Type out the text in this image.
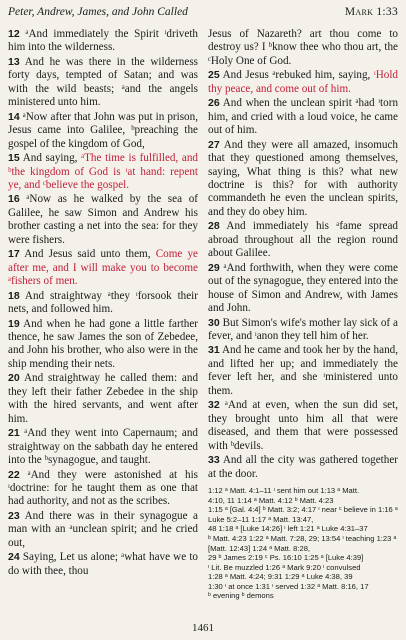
Peter, Andrew, James, and John Called	Mark 1:33

12 ᵃAnd immediately the Spirit ᶦdriveth him into the wilderness.

13 And he was there in the wilderness forty days, tempted of Satan; and was with the wild beasts; ᵃand the angels ministered unto him.

14 ᵃNow after that John was put in prison, Jesus came into Galilee, ᵇpreaching the gospel of the kingdom of God,

15 And saying, ᵃThe time is fulfilled, and ᵇthe kingdom of God is ᶦat hand: repent ye, and ᶜbelieve the gospel.

16 ᵃNow as he walked by the sea of Galilee, he saw Simon and Andrew his brother casting a net into the sea: for they were fishers.

17 And Jesus said unto them, Come ye after me, and I will make you to become ᵃfishers of men.

18 And straightway ᵃthey ᶦforsook their nets, and followed him.

19 And when he had gone a little farther thence, he saw James the son of Zebedee, and John his brother, who also were in the ship mending their nets.

20 And straightway he called them: and they left their father Zebedee in the ship with the hired servants, and went after him.

21 ᵃAnd they went into Capernaum; and straightway on the sabbath day he entered into the ᵇsynagogue, and taught.

22 ᵃAnd they were astonished at his ᶦdoctrine: for he taught them as one that had authority, and not as the scribes.

23 And there was in their synagogue a man with an ᵃunclean spirit; and he cried out,

24 Saying, Let us alone; ᵃwhat have we to do with thee, thou

Jesus of Nazareth? art thou come to destroy us? I ᵇknow thee who thou art, the ᶜHoly One of God.

25 And Jesus ᵃrebuked him, saying, ᶦHold thy peace, and come out of him.

26 And when the unclean spirit ᵃhad ᶦtorn him, and cried with a loud voice, he came out of him.

27 And they were all amazed, insomuch that they questioned among themselves, saying, What thing is this? what new doctrine is this? for with authority commandeth he even the unclean spirits, and they do obey him.

28 And immediately his ᵃfame spread abroad throughout all the region round about Galilee.

29 ᵃAnd forthwith, when they were come out of the synagogue, they entered into the house of Simon and Andrew, with James and John.

30 But Simon's wife's mother lay sick of a fever, and ᶦanon they tell him of her.

31 And he came and took her by the hand, and lifted her up; and immediately the fever left her, and she ᶦministered unto them.

32 ᵃAnd at even, when the sun did set, they brought unto him all that were diseased, and them that were possessed with ᵇdevils.

33 And all the city was gathered together at the door.

1:12 ᵃ Matt. 4:1–11 ᶦ sent him out 1:13 ᵃ Matt.
4:10, 11 1:14 ᵃ Matt. 4:12 ᵇ Matt. 4:23
1:15 ᵃ [Gal. 4:4] ᵇ Matt. 3:2; 4:17 ᶦ near ᶜ believe in 1:16 ᵃ Luke 5:2–11 1:17 ᵃ Matt. 13:47,
48 1:18 ᵃ [Luke 14:26] ᶦ left 1:21 ᵃ Luke 4:31–37
ᵇ Matt. 4:23 1:22 ᵃ Matt. 7:28, 29; 13:54 ᶦ teaching 1:23 ᵃ [Matt. 12:43] 1:24 ᵃ Matt. 8:28,
29 ᵇ James 2:19 ᶜ Ps. 16:10 1:25 ᵃ [Luke 4:39]
ᶦ Lit. Be muzzled 1:26 ᵃ Mark 9:20 ᶦ convulsed
1:28 ᵃ Matt. 4:24; 9:31 1:29 ᵃ Luke 4:38, 39
1:30 ᶦ at once 1:31 ᶦ served 1:32 ᵃ Matt. 8:16, 17
ᵇ evening ᵇ demons
1461
